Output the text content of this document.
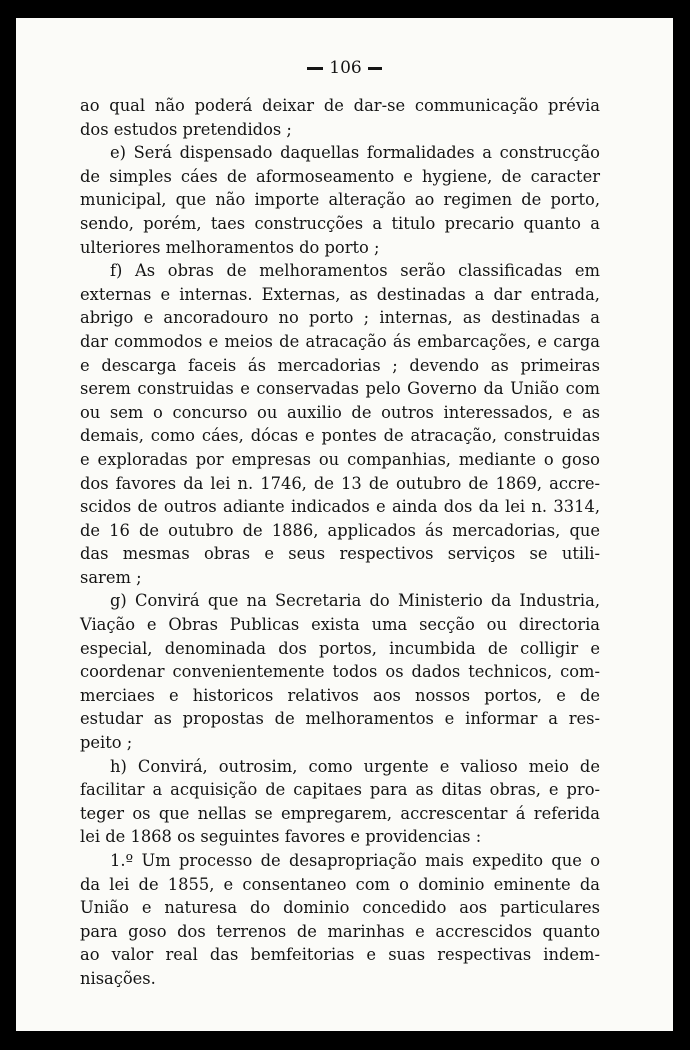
106
ao qual não poderá deixar de dar-se communicação prévia
dos estudos pretendidos ;
e) Será dispensado daquellas formalidades a construcção
de simples cáes de aformoseamento e hygiene, de caracter
municipal, que não importe alteração ao regimen de porto,
sendo, porém, taes construcções a titulo precario quanto a
ulteriores melhoramentos do porto ;
f) As obras de melhoramentos serão classificadas em
externas e internas. Externas, as destinadas a dar entrada,
abrigo e ancoradouro no porto ; internas, as destinadas a
dar commodos e meios de atracação ás embarcações, e carga
e descarga faceis ás mercadorias ; devendo as primeiras
serem construidas e conservadas pelo Governo da União com
ou sem o concurso ou auxilio de outros interessados, e as
demais, como cáes, dócas e pontes de atracação, construidas
e exploradas por empresas ou companhias, mediante o goso
dos favores da lei n. 1746, de 13 de outubro de 1869, accre-
scidos de outros adiante indicados e ainda dos da lei n. 3314,
de 16 de outubro de 1886, applicados ás mercadorias, que
das mesmas obras e seus respectivos serviços se utili-
sarem ;
g) Convirá que na Secretaria do Ministerio da Industria,
Viação e Obras Publicas exista uma secção ou directoria
especial, denominada dos portos, incumbida de colligir e
coordenar convenientemente todos os dados technicos, com-
merciaes e historicos relativos aos nossos portos, e de
estudar as propostas de melhoramentos e informar a res-
peito ;
h) Convirá, outrosim, como urgente e valioso meio de
facilitar a acquisição de capitaes para as ditas obras, e pro-
teger os que nellas se empregarem, accrescentar á referida
lei de 1868 os seguintes favores e providencias :
1.º Um processo de desapropriação mais expedito que o
da lei de 1855, e consentaneo com o dominio eminente da
União e naturesa do dominio concedido aos particulares
para goso dos terrenos de marinhas e accrescidos quanto
ao valor real das bemfeitorias e suas respectivas indem-
nisações.
